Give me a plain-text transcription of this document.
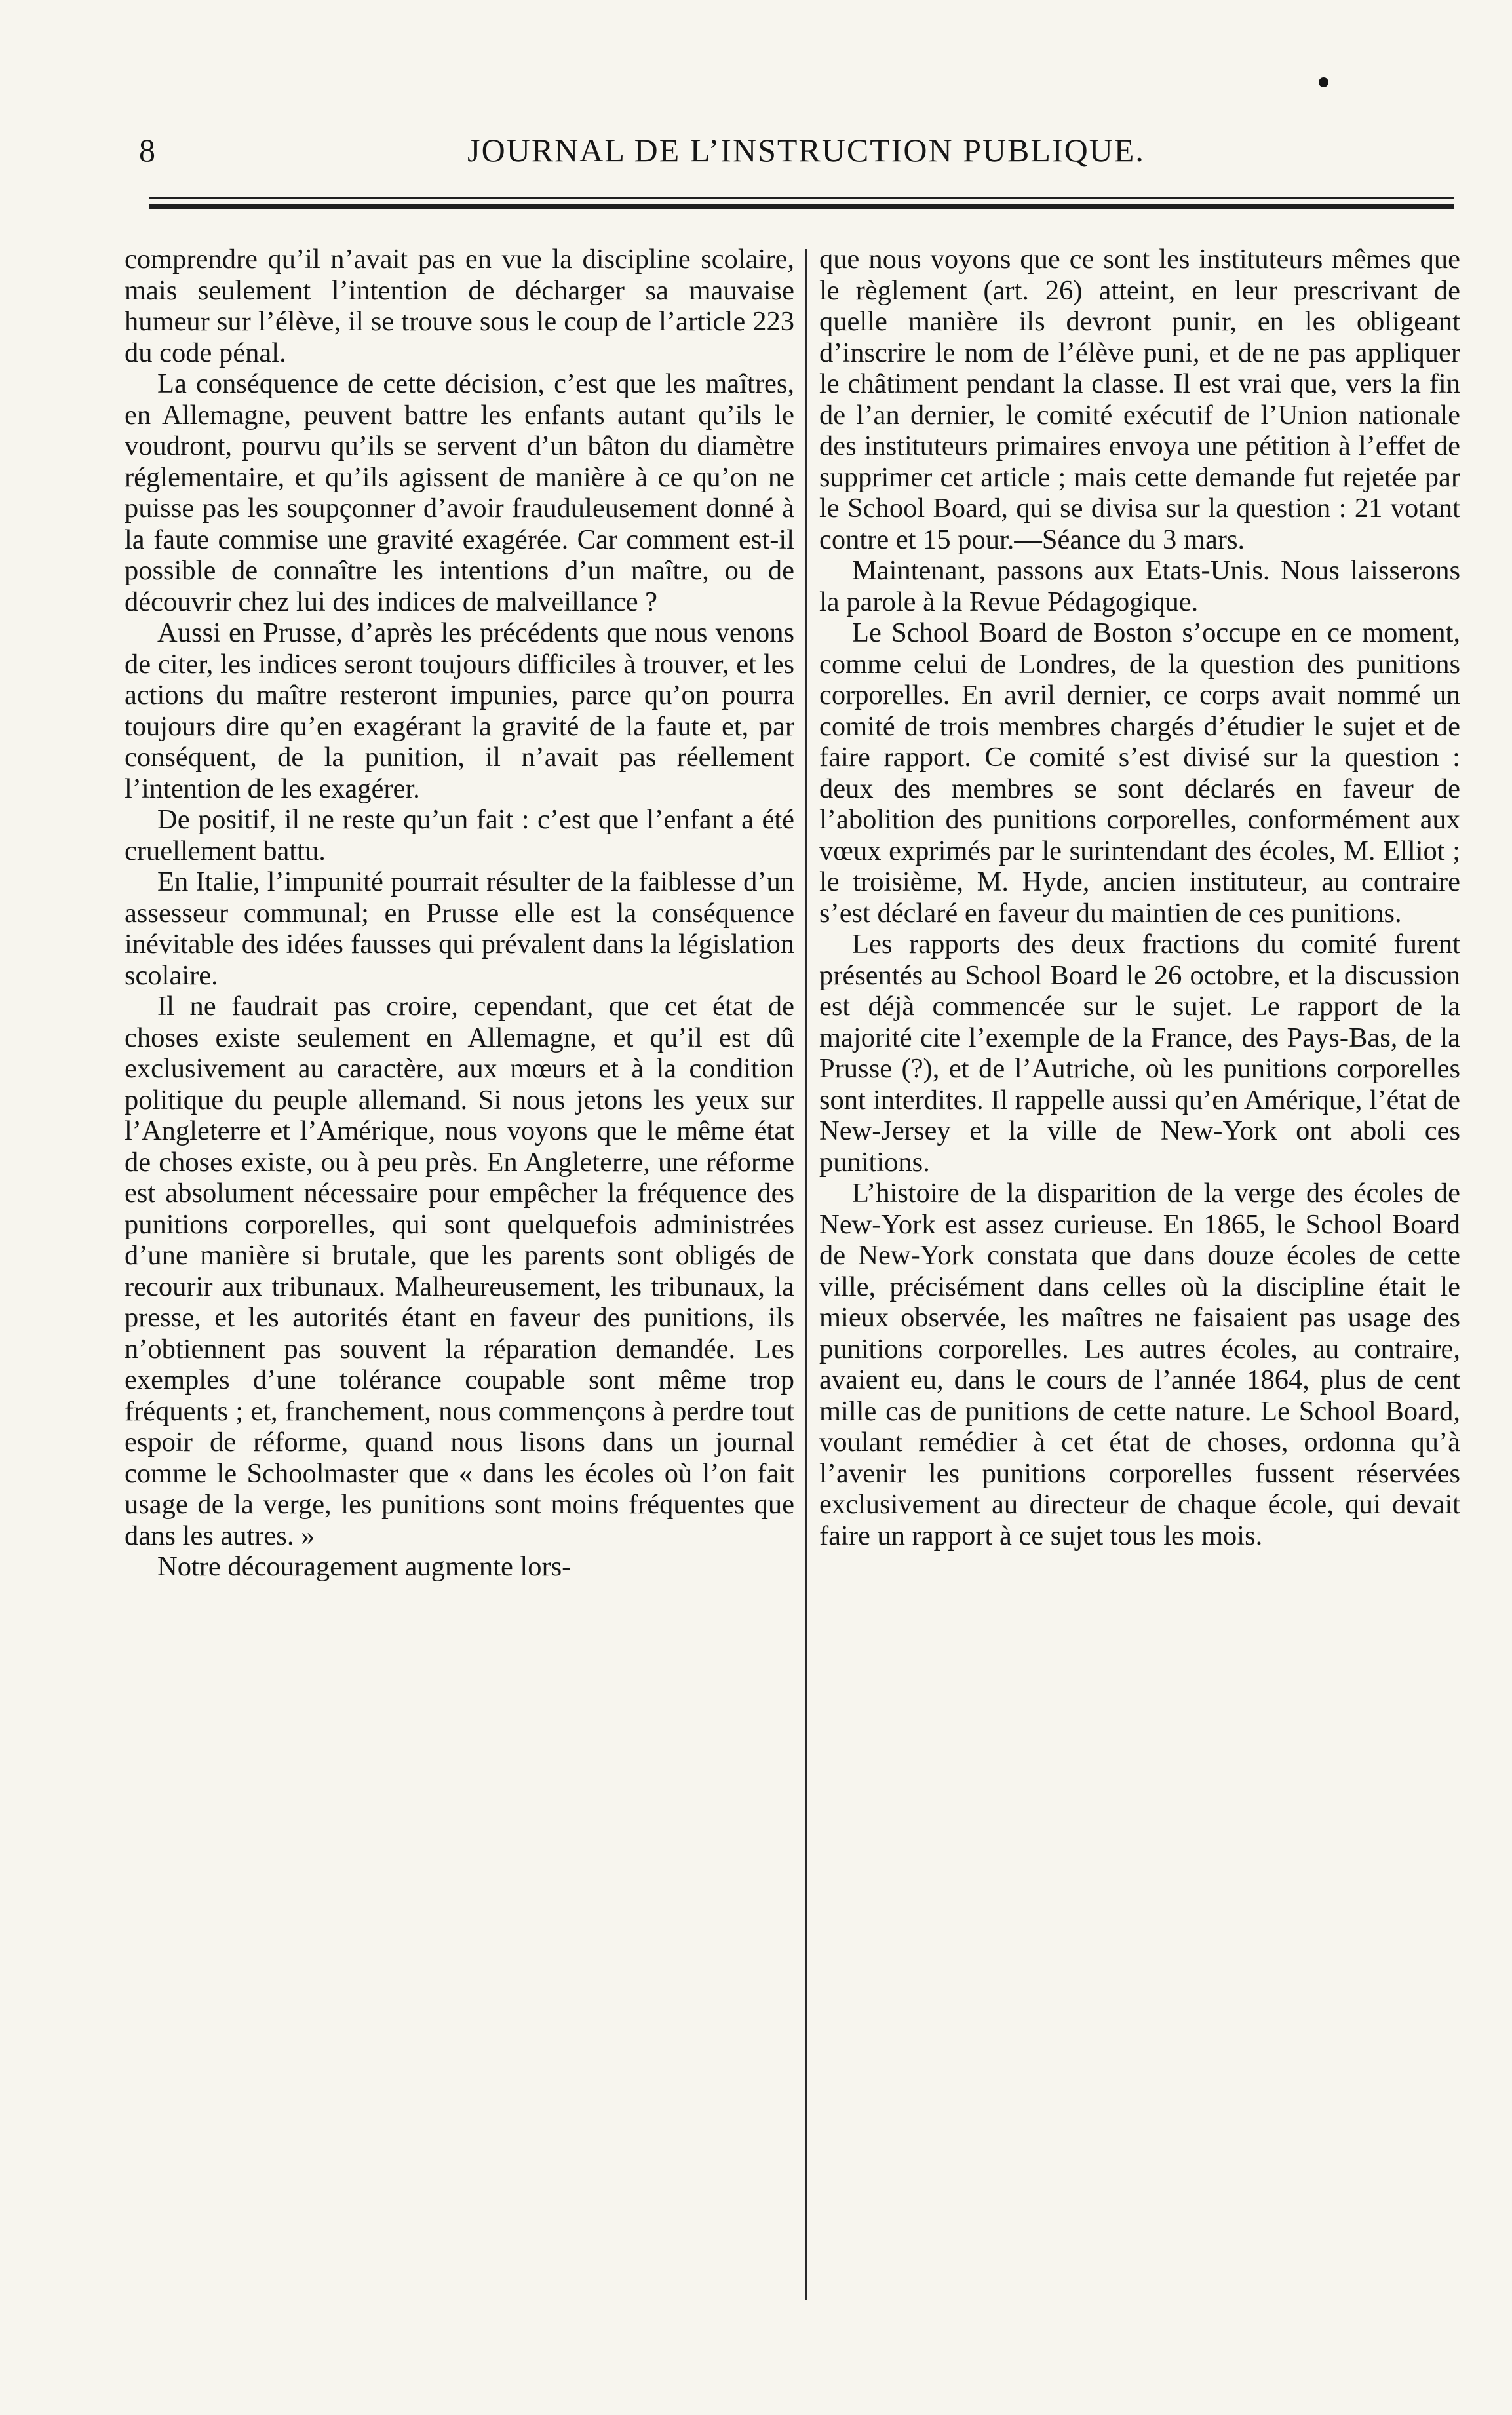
8	JOURNAL DE L’INSTRUCTION PUBLIQUE.

comprendre qu’il n’avait pas en vue la discipline scolaire, mais seulement l’intention de décharger sa mauvaise humeur sur l’élève, il se trouve sous le coup de l’article 223 du code pénal.

La conséquence de cette décision, c’est que les maîtres, en Allemagne, peuvent battre les enfants autant qu’ils le voudront, pourvu qu’ils se servent d’un bâton du diamètre réglementaire, et qu’ils agissent de manière à ce qu’on ne puisse pas les soupçonner d’avoir frauduleusement donné à la faute commise une gravité exagérée. Car comment est-il possible de connaître les intentions d’un maître, ou de découvrir chez lui des indices de malveillance ?

Aussi en Prusse, d’après les précédents que nous venons de citer, les indices seront toujours difficiles à trouver, et les actions du maître resteront impunies, parce qu’on pourra toujours dire qu’en exagérant la gravité de la faute et, par conséquent, de la punition, il n’avait pas réellement l’intention de les exagérer.

De positif, il ne reste qu’un fait : c’est que l’enfant a été cruellement battu.

En Italie, l’impunité pourrait résulter de la faiblesse d’un assesseur communal; en Prusse elle est la conséquence inévitable des idées fausses qui prévalent dans la législation scolaire.

Il ne faudrait pas croire, cependant, que cet état de choses existe seulement en Allemagne, et qu’il est dû exclusivement au caractère, aux mœurs et à la condition politique du peuple allemand. Si nous jetons les yeux sur l’Angleterre et l’Amérique, nous voyons que le même état de choses existe, ou à peu près. En Angleterre, une réforme est absolument nécessaire pour empêcher la fréquence des punitions corporelles, qui sont quelquefois administrées d’une manière si brutale, que les parents sont obligés de recourir aux tribunaux. Malheureusement, les tribunaux, la presse, et les autorités étant en faveur des punitions, ils n’obtiennent pas souvent la réparation demandée. Les exemples d’une tolérance coupable sont même trop fréquents ; et, franchement, nous commençons à perdre tout espoir de réforme, quand nous lisons dans un journal comme le Schoolmaster que « dans les écoles où l’on fait usage de la verge, les punitions sont moins fréquentes que dans les autres. »

Notre découragement augmente lors-

que nous voyons que ce sont les instituteurs mêmes que le règlement (art. 26) atteint, en leur prescrivant de quelle manière ils devront punir, en les obligeant d’inscrire le nom de l’élève puni, et de ne pas appliquer le châtiment pendant la classe. Il est vrai que, vers la fin de l’an dernier, le comité exécutif de l’Union nationale des instituteurs primaires envoya une pétition à l’effet de supprimer cet article ; mais cette demande fut rejetée par le School Board, qui se divisa sur la question : 21 votant contre et 15 pour.—Séance du 3 mars.

Maintenant, passons aux Etats-Unis. Nous laisserons la parole à la Revue Pédagogique.

Le School Board de Boston s’occupe en ce moment, comme celui de Londres, de la question des punitions corporelles. En avril dernier, ce corps avait nommé un comité de trois membres chargés d’étudier le sujet et de faire rapport. Ce comité s’est divisé sur la question : deux des membres se sont déclarés en faveur de l’abolition des punitions corporelles, conformément aux vœux exprimés par le surintendant des écoles, M. Elliot ; le troisième, M. Hyde, ancien instituteur, au contraire s’est déclaré en faveur du maintien de ces punitions.

Les rapports des deux fractions du comité furent présentés au School Board le 26 octobre, et la discussion est déjà commencée sur le sujet. Le rapport de la majorité cite l’exemple de la France, des Pays-Bas, de la Prusse (?), et de l’Autriche, où les punitions corporelles sont interdites. Il rappelle aussi qu’en Amérique, l’état de New-Jersey et la ville de New-York ont aboli ces punitions.

L’histoire de la disparition de la verge des écoles de New-York est assez curieuse. En 1865, le School Board de New-York constata que dans douze écoles de cette ville, précisément dans celles où la discipline était le mieux observée, les maîtres ne faisaient pas usage des punitions corporelles. Les autres écoles, au contraire, avaient eu, dans le cours de l’année 1864, plus de cent mille cas de punitions de cette nature. Le School Board, voulant remédier à cet état de choses, ordonna qu’à l’avenir les punitions corporelles fussent réservées exclusivement au directeur de chaque école, qui devait faire un rapport à ce sujet tous les mois.
